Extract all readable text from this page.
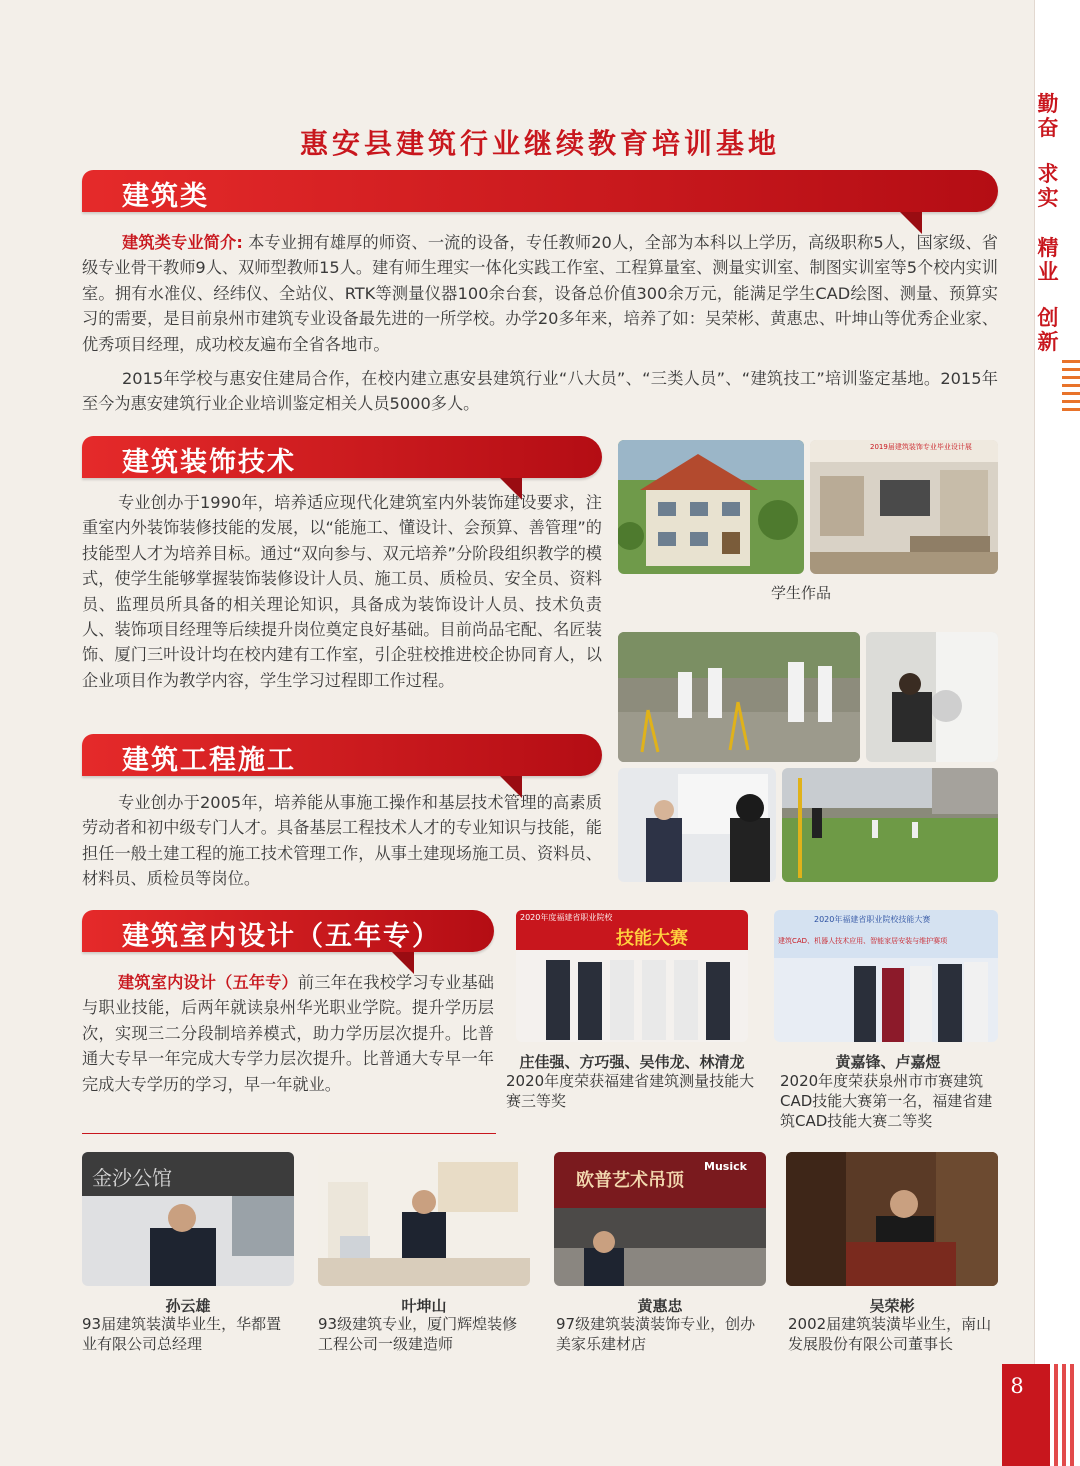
勤奋
求实
精业
创新
惠安县建筑行业继续教育培训基地
建筑类
建筑类专业简介: 本专业拥有雄厚的师资、一流的设备，专任教师20人，全部为本科以上学历，高级职称5人，国家级、省级专业骨干教师9人、双师型教师15人。建有师生理实一体化实践工作室、工程算量室、测量实训室、制图实训室等5个校内实训室。拥有水准仪、经纬仪、全站仪、RTK等测量仪器100余台套，设备总价值300余万元，能满足学生CAD绘图、测量、预算实习的需要，是目前泉州市建筑专业设备最先进的一所学校。办学20多年来，培养了如：吴荣彬、黄惠忠、叶坤山等优秀企业家、优秀项目经理，成功校友遍布全省各地市。
2015年学校与惠安住建局合作，在校内建立惠安县建筑行业“八大员”、“三类人员”、“建筑技工”培训鉴定基地。2015年至今为惠安建筑行业企业培训鉴定相关人员5000多人。
建筑装饰技术
专业创办于1990年，培养适应现代化建筑室内外装饰建设要求，注重室内外装饰装修技能的发展，以“能施工、懂设计、会预算、善管理”的技能型人才为培养目标。通过“双向参与、双元培养”分阶段组织教学的模式，使学生能够掌握装饰装修设计人员、施工员、质检员、安全员、资料员、监理员所具备的相关理论知识，具备成为装饰设计人员、技术负责人、装饰项目经理等后续提升岗位奠定良好基础。目前尚品宅配、名匠装饰、厦门三叶设计均在校内建有工作室，引企驻校推进校企协同育人，以企业项目作为教学内容，学生学习过程即工作过程。
2019届建筑装饰专业毕业设计展
学生作品
建筑工程施工
专业创办于2005年，培养能从事施工操作和基层技术管理的高素质劳动者和初中级专门人才。具备基层工程技术人才的专业知识与技能，能担任一般土建工程的施工技术管理工作，从事土建现场施工员、资料员、材料员、质检员等岗位。
建筑室内设计（五年专）
建筑室内设计（五年专）前三年在我校学习专业基础与职业技能，后两年就读泉州华光职业学院。提升学历层次，实现三二分段制培养模式，助力学历层次提升。比普通大专早一年完成大专学力层次提升。比普通大专早一年完成大专学历的学习，早一年就业。
2020年度福建省职业院校
技能大赛
2020年福建省职业院校技能大赛
建筑CAD、机器人技术应用、智能家居安装与维护赛项
庄佳强、方巧强、吴伟龙、林清龙
2020年度荣获福建省建筑测量技能大赛三等奖
黄嘉锋、卢嘉煜
2020年度荣获泉州市市赛建筑CAD技能大赛第一名，福建省建筑CAD技能大赛二等奖
金沙公馆	欧普艺术吊顶
Musick
孙云雄
93届建筑装潢毕业生，华都置业有限公司总经理
叶坤山
93级建筑专业，厦门辉煌装修工程公司一级建造师
黄惠忠
97级建筑装潢装饰专业，创办美家乐建材店
吴荣彬
2002届建筑装潢毕业生，南山发展股份有限公司董事长
8
